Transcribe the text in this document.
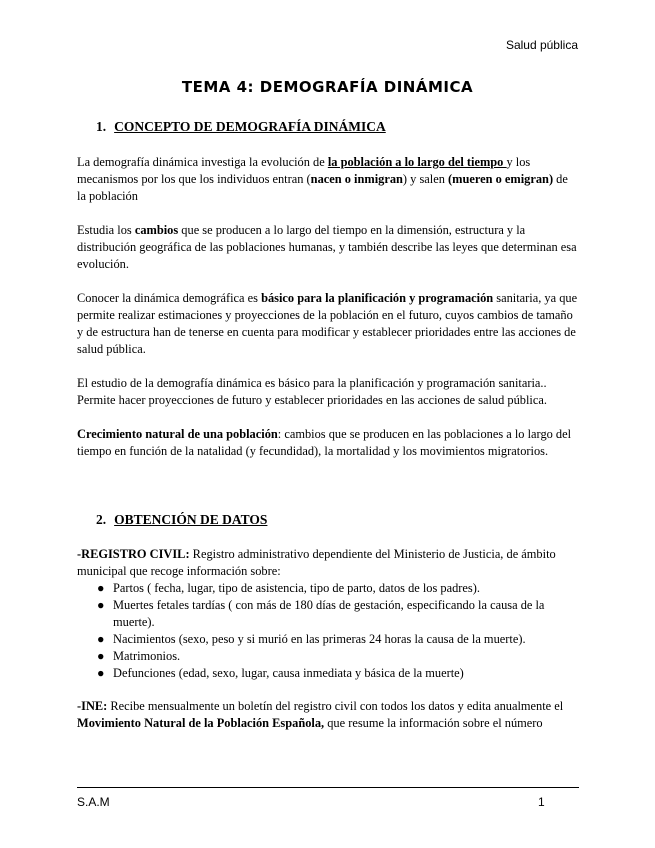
Salud pública
TEMA 4: DEMOGRAFÍA DINÁMICA
1. CONCEPTO DE DEMOGRAFÍA DINÁMICA
La demografía dinámica investiga la evolución de la población a lo largo del tiempo y los mecanismos por los que los individuos entran (nacen o inmigran) y salen (mueren o emigran) de la población
Estudia los cambios que se producen a lo largo del tiempo en la dimensión, estructura y la distribución geográfica de las poblaciones humanas, y también describe las leyes que determinan esa evolución.
Conocer la dinámica demográfica es básico para la planificación y programación sanitaria, ya que permite realizar estimaciones y proyecciones de la población en el futuro, cuyos cambios de tamaño y de estructura han de tenerse en cuenta para modificar y establecer prioridades entre las acciones de salud pública.
El estudio de la demografía dinámica es básico para la planificación y programación sanitaria.. Permite hacer proyecciones de futuro y establecer prioridades en las acciones de salud pública.
Crecimiento natural de una población: cambios que se producen en las poblaciones a lo largo del tiempo en función de la natalidad (y fecundidad), la mortalidad y los movimientos migratorios.
2. OBTENCIÓN DE DATOS
-REGISTRO CIVIL: Registro administrativo dependiente del Ministerio de Justicia, de ámbito municipal que recoge información sobre:
● Partos ( fecha, lugar, tipo de asistencia, tipo de parto, datos de los padres).
● Muertes fetales tardías ( con más de 180 días de gestación, especificando la causa de la muerte).
● Nacimientos (sexo, peso y si murió en las primeras 24 horas la causa de la muerte).
● Matrimonios.
● Defunciones (edad, sexo, lugar, causa inmediata y básica de la muerte)
-INE: Recibe mensualmente un boletín del registro civil con todos los datos y edita anualmente el Movimiento Natural de la Población Española, que resume la información sobre el número
S.A.M	1
